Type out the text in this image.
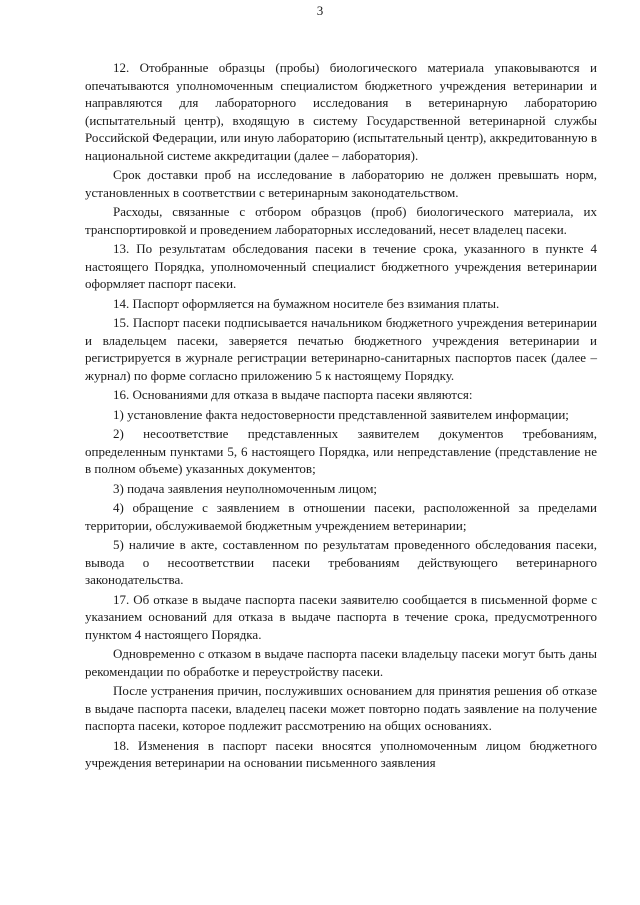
3

12. Отобранные образцы (пробы) биологического материала упаковываются и опечатываются уполномоченным специалистом бюджетного учреждения ветеринарии и направляются для лабораторного исследования в ветеринарную лабораторию (испытательный центр), входящую в систему Государственной ветеринарной службы Российской Федерации, или иную лабораторию (испытательный центр), аккредитованную в национальной системе аккредитации (далее – лаборатория).

Срок доставки проб на исследование в лабораторию не должен превышать норм, установленных в соответствии с ветеринарным законодательством.

Расходы, связанные с отбором образцов (проб) биологического материала, их транспортировкой и проведением лабораторных исследований, несет владелец пасеки.

13. По результатам обследования пасеки в течение срока, указанного в пункте 4 настоящего Порядка, уполномоченный специалист бюджетного учреждения ветеринарии оформляет паспорт пасеки.

14. Паспорт оформляется на бумажном носителе без взимания платы.

15. Паспорт пасеки подписывается начальником бюджетного учреждения ветеринарии и владельцем пасеки, заверяется печатью бюджетного учреждения ветеринарии и регистрируется в журнале регистрации ветеринарно-санитарных паспортов пасек (далее – журнал) по форме согласно приложению 5 к настоящему Порядку.

16. Основаниями для отказа в выдаче паспорта пасеки являются:

1) установление факта недостоверности представленной заявителем информации;

2) несоответствие представленных заявителем документов требованиям, определенным пунктами 5, 6 настоящего Порядка, или непредставление (представление не в полном объеме) указанных документов;

3) подача заявления неуполномоченным лицом;

4) обращение с заявлением в отношении пасеки, расположенной за пределами территории, обслуживаемой бюджетным учреждением ветеринарии;

5) наличие в акте, составленном по результатам проведенного обследования пасеки, вывода о несоответствии пасеки требованиям действующего ветеринарного законодательства.

17. Об отказе в выдаче паспорта пасеки заявителю сообщается в письменной форме с указанием оснований для отказа в выдаче паспорта в течение срока, предусмотренного пунктом 4 настоящего Порядка.

Одновременно с отказом в выдаче паспорта пасеки владельцу пасеки могут быть даны рекомендации по обработке и переустройству пасеки.

После устранения причин, послуживших основанием для принятия решения об отказе в выдаче паспорта пасеки, владелец пасеки может повторно подать заявление на получение паспорта пасеки, которое подлежит рассмотрению на общих основаниях.

18. Изменения в паспорт пасеки вносятся уполномоченным лицом бюджетного учреждения ветеринарии на основании письменного заявления
